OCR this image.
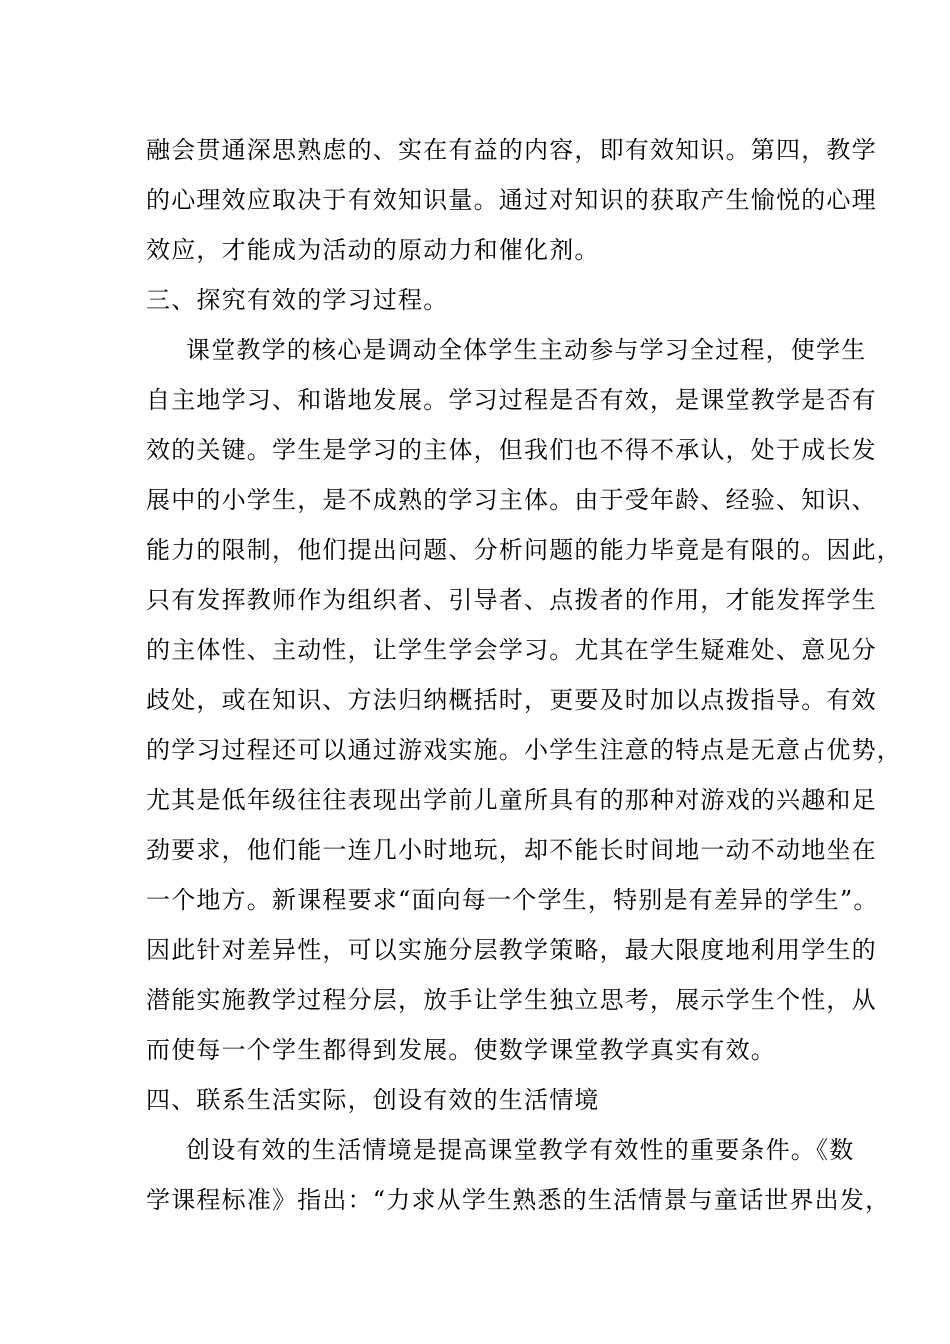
融会贯通深思熟虑的、实在有益的内容，即有效知识。第四，教学
的心理效应取决于有效知识量。通过对知识的获取产生愉悦的心理
效应，才能成为活动的原动力和催化剂。
三、探究有效的学习过程。
课堂教学的核心是调动全体学生主动参与学习全过程，使学生
自主地学习、和谐地发展。学习过程是否有效，是课堂教学是否有
效的关键。学生是学习的主体，但我们也不得不承认，处于成长发
展中的小学生，是不成熟的学习主体。由于受年龄、经验、知识、
能力的限制，他们提出问题、分析问题的能力毕竟是有限的。因此，
只有发挥教师作为组织者、引导者、点拨者的作用，才能发挥学生
的主体性、主动性，让学生学会学习。尤其在学生疑难处、意见分
歧处，或在知识、方法归纳概括时，更要及时加以点拨指导。有效
的学习过程还可以通过游戏实施。小学生注意的特点是无意占优势，
尤其是低年级往往表现出学前儿童所具有的那种对游戏的兴趣和足
劲要求，他们能一连几小时地玩，却不能长时间地一动不动地坐在
一个地方。新课程要求“面向每一个学生，特别是有差异的学生”。
因此针对差异性，可以实施分层教学策略，最大限度地利用学生的
潜能实施教学过程分层，放手让学生独立思考，展示学生个性，从
而使每一个学生都得到发展。使数学课堂教学真实有效。
四、联系生活实际，创设有效的生活情境
创设有效的生活情境是提高课堂教学有效性的重要条件。《数
学课程标准》指出：“力求从学生熟悉的生活情景与童话世界出发，
